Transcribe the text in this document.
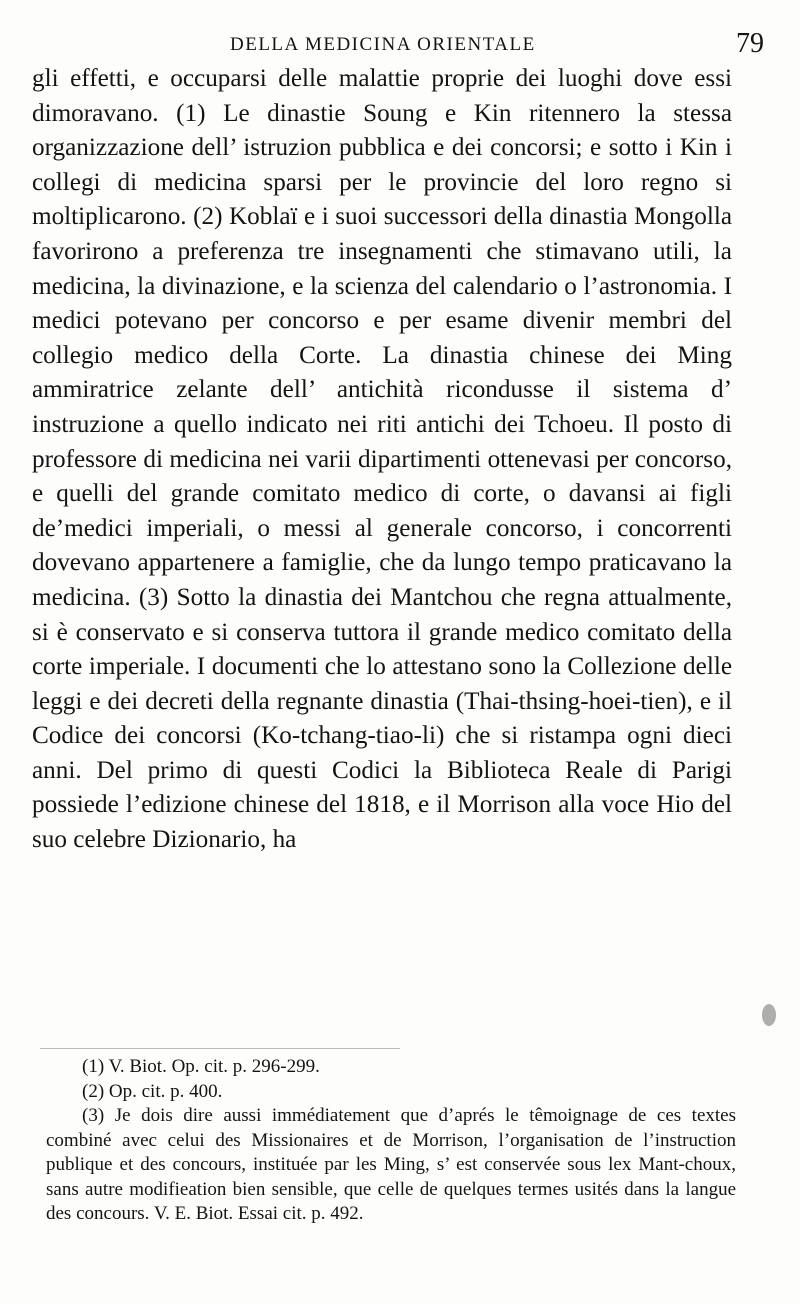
DELLA MEDICINA ORIENTALE	79

gli effetti, e occuparsi delle malattie proprie dei luoghi dove essi dimoravano. (1) Le dinastie Soung e Kin ritennero la stessa organizzazione dell’ istruzion pubblica e dei concorsi; e sotto i Kin i collegi di medicina sparsi per le provincie del loro regno si moltiplicarono. (2) Koblaï e i suoi successori della dinastia Mongolla favorirono a preferenza tre insegnamenti che stimavano utili, la medicina, la divinazione, e la scienza del calendario o l’astronomia. I medici potevano per concorso e per esame divenir membri del collegio medico della Corte. La dinastia chinese dei Ming ammiratrice zelante dell’ antichità ricondusse il sistema d’ instruzione a quello indicato nei riti antichi dei Tchoeu. Il posto di professore di medicina nei varii dipartimenti ottenevasi per concorso, e quelli del grande comitato medico di corte, o davansi ai figli de’medici imperiali, o messi al generale concorso, i concorrenti dovevano appartenere a famiglie, che da lungo tempo praticavano la medicina. (3) Sotto la dinastia dei Mantchou che regna attualmente, si è conservato e si conserva tuttora il grande medico comitato della corte imperiale. I documenti che lo attestano sono la Collezione delle leggi e dei decreti della regnante dinastia (Thai-thsing-hoei-tien), e il Codice dei concorsi (Ko-tchang-tiao-li) che si ristampa ogni dieci anni. Del primo di questi Codici la Biblioteca Reale di Parigi possiede l’edizione chinese del 1818, e il Morrison alla voce Hio del suo celebre Dizionario, ha

(1) V. Biot. Op. cit. p. 296-299.

(2) Op. cit. p. 400.

(3) Je dois dire aussi immédiatement que d’aprés le têmoignage de ces textes combiné avec celui des Missionaires et de Morrison, l’organisation de l’instruction publique et des concours, instituée par les Ming, s’ est conservée sous lex Mant-choux, sans autre modifieation bien sensible, que celle de quelques termes usités dans la langue des concours. V. E. Biot. Essai cit. p. 492.
